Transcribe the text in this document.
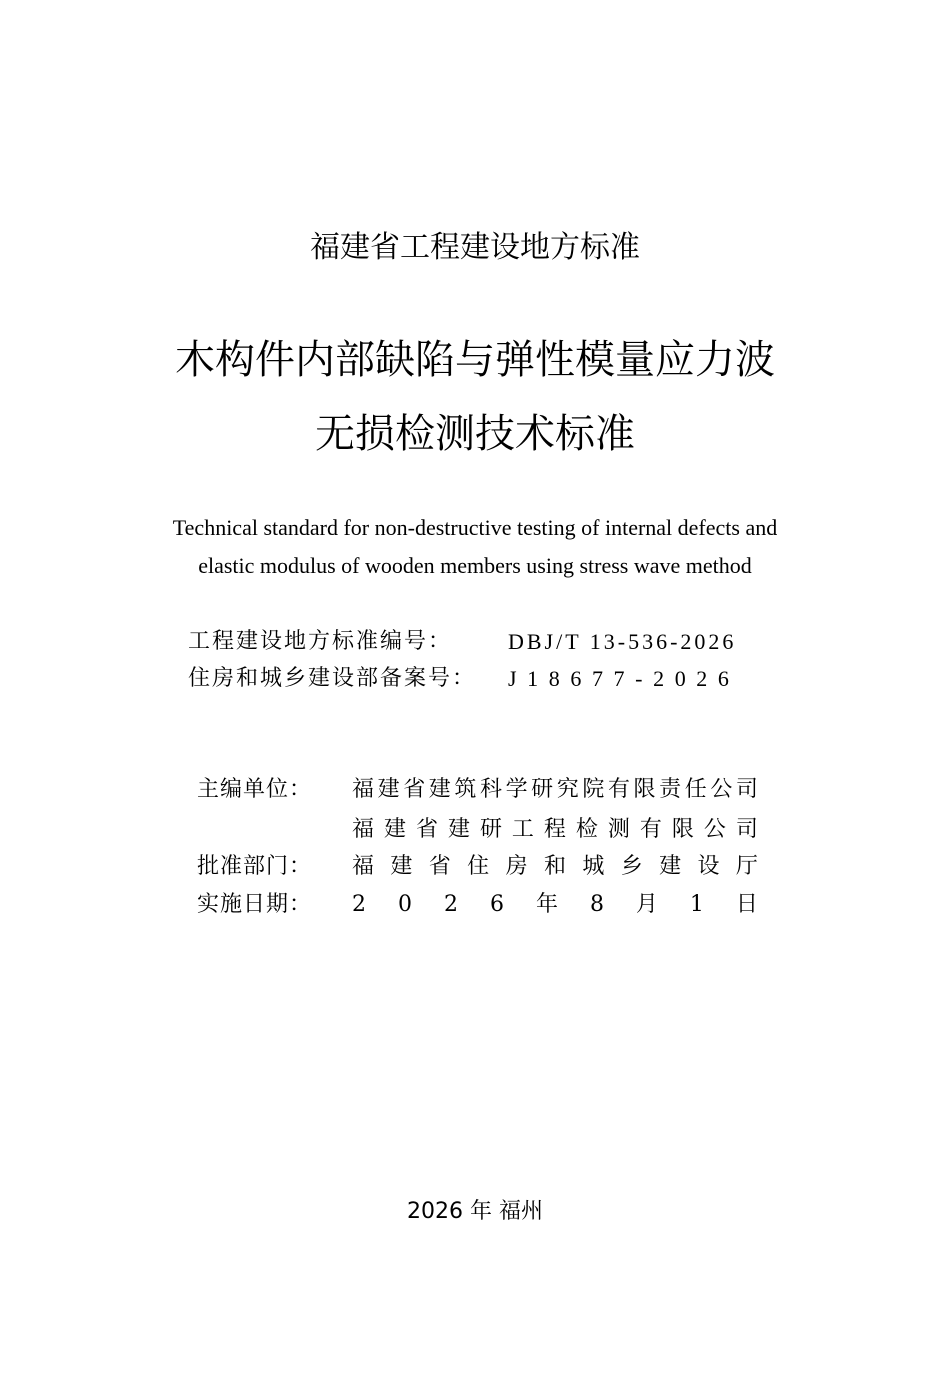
福建省工程建设地方标准
木构件内部缺陷与弹性模量应力波
无损检测技术标准
Technical standard for non-destructive testing of internal defects and
elastic modulus of wooden members using stress wave method
工程建设地方标准编号：	DBJ/T 13-536-2026
住房和城乡建设部备案号： J18677-2026
主编单位： 福 建 省 建 筑 科 学 研 究 院 有 限 责 任 公 司
福 建 省 建 研 工 程 检 测 有 限 公 司
批准部门： 福 建 省 住 房 和 城 乡 建 设 厅
实施日期： 2 0 2 6 年 8 月 1 日
2026 年 福州
